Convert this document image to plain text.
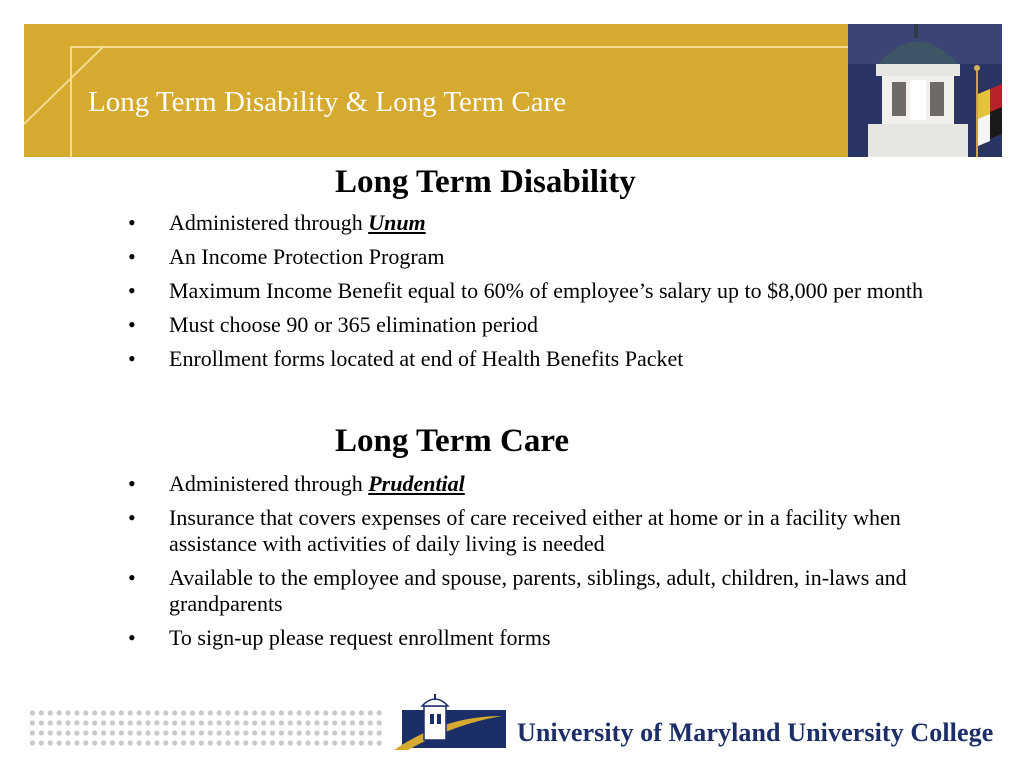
Long Term Disability & Long Term Care
Long Term Disability
• Administered through Unum
• An Income Protection Program
• Maximum Income Benefit equal to 60% of employee’s salary up to $8,000 per month
• Must choose 90 or 365 elimination period
• Enrollment forms located at end of Health Benefits Packet
Long Term Care
• Administered through Prudential
• Insurance that covers expenses of care received either at home or in a facility when assistance with activities of daily living is needed
• Available to the employee and spouse, parents, siblings, adult, children, in-laws and grandparents
• To sign-up please request enrollment forms
University of Maryland University College
